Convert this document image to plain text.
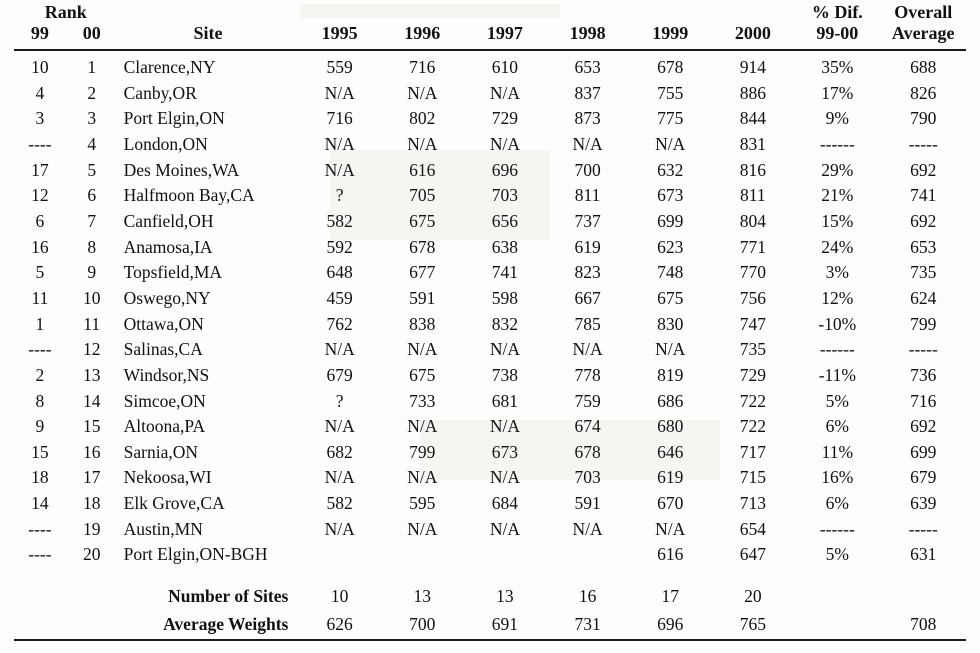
Rank									% Dif.	Overall
99	00	Site	1995	1996	1997	1998	1999	2000	99-00	Average

10	1	Clarence,NY	559	716	610	653	678	914	35%	688
4	2	Canby,OR	N/A	N/A	N/A	837	755	886	17%	826
3	3	Port Elgin,ON	716	802	729	873	775	844	9%	790
----	4	London,ON	N/A	N/A	N/A	N/A	N/A	831	------	-----
17	5	Des Moines,WA	N/A	616	696	700	632	816	29%	692
12	6	Halfmoon Bay,CA	?	705	703	811	673	811	21%	741
6	7	Canfield,OH	582	675	656	737	699	804	15%	692
16	8	Anamosa,IA	592	678	638	619	623	771	24%	653
5	9	Topsfield,MA	648	677	741	823	748	770	3%	735
11	10	Oswego,NY	459	591	598	667	675	756	12%	624
1	11	Ottawa,ON	762	838	832	785	830	747	-10%	799
----	12	Salinas,CA	N/A	N/A	N/A	N/A	N/A	735	------	-----
2	13	Windsor,NS	679	675	738	778	819	729	-11%	736
8	14	Simcoe,ON	?	733	681	759	686	722	5%	716
9	15	Altoona,PA	N/A	N/A	N/A	674	680	722	6%	692
15	16	Sarnia,ON	682	799	673	678	646	717	11%	699
18	17	Nekoosa,WI	N/A	N/A	N/A	703	619	715	16%	679
14	18	Elk Grove,CA	582	595	684	591	670	713	6%	639
----	19	Austin,MN	N/A	N/A	N/A	N/A	N/A	654	------	-----
----	20	Port Elgin,ON-BGH					616	647	5%	631

Number of Sites			10	13	13	16	17	20		
Average Weights			626	700	691	731	696	765		708
